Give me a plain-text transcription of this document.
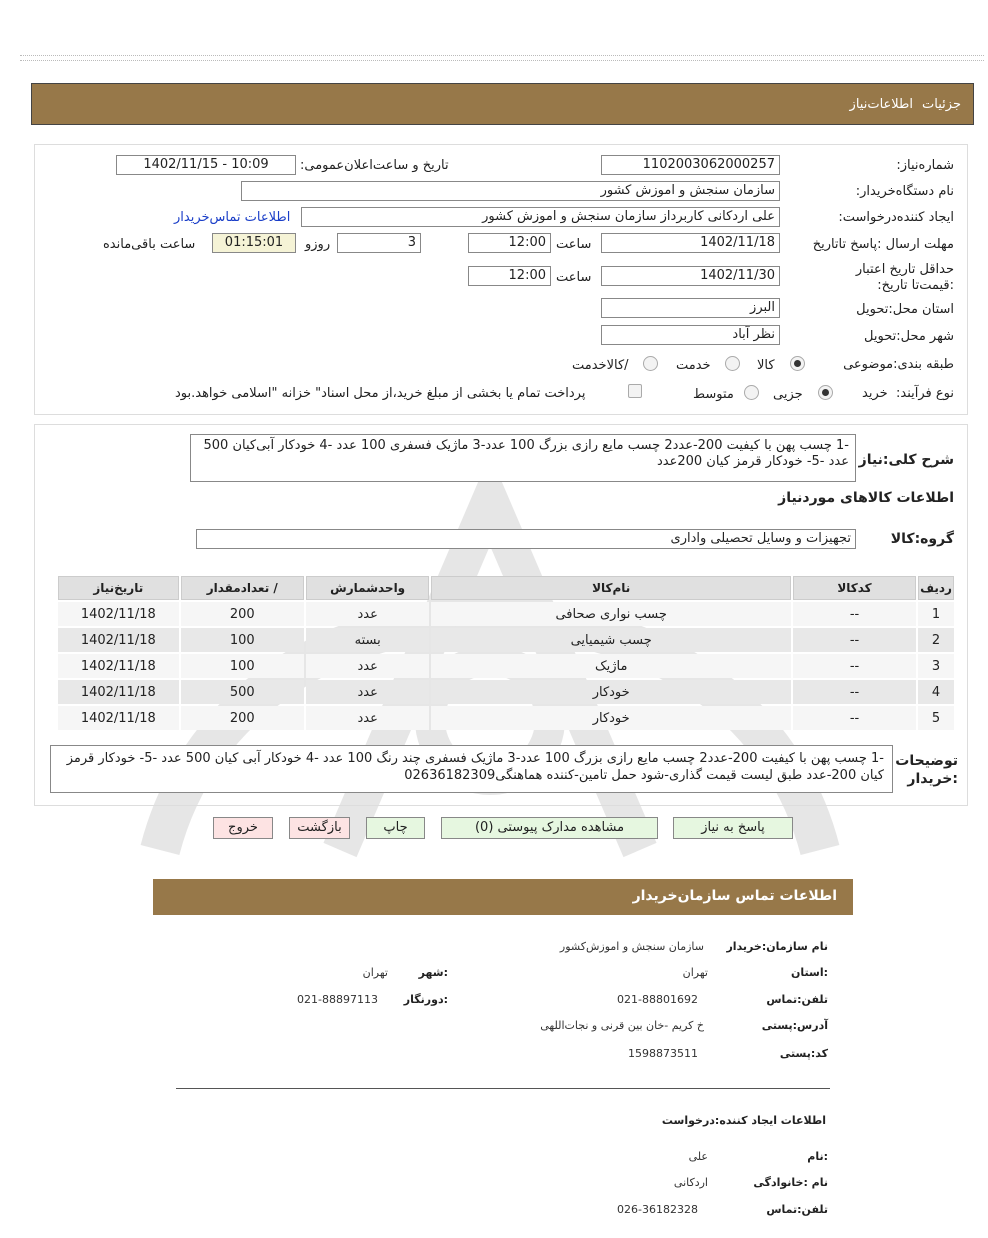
جزئیات
اطلاعات‌نیاز
شماره‌نیاز:
1102003062000257
تاریخ و ساعت‌اعلان‌عمومی:
1402/11/15 - 10:09
نام دستگاه‌خریدار:
سازمان سنجش و اموزش کشور
ایجاد کننده‌درخواست:
علی اردکانی کاربرداز سازمان سنجش و اموزش کشور
اطلاعات تماس‌خریدار
مهلت ارسال :پاسخ تا‌تاریخ
1402/11/18
ساعت
12:00
3
روزو
01:15:01
ساعت باقی‌مانده
حداقل تاریخ اعتبار :قیمت‌تا تاریخ:
1402/11/30
ساعت
12:00
استان محل:تحویل
البرز
شهر محل:تحویل
نظر آباد
طبقه بندی:موضوعی
کالا
خدمت
/کالاخدمت
نوع فرآیند:
خرید
جزیی
متوسط
پرداخت تمام یا بخشی از مبلغ خرید،از محل اسناد" خزانه "اسلامی خواهد.بود
شرح کلی:نیاز
-1 چسب پهن با کیفیت 200-عدد2 چسب مایع رازی بزرگ 100 عدد-3 ماژیک فسفری 100 عدد -4 خودکار آبی‌کیان 500 عدد -5- خودکار قرمز کیان 200عدد
اطلاعات کالاهای موردنیاز
گروه:کالا
تجهیزات و وسایل تحصیلی واداری
ردیف	کدکالا	نام‌کالا	واحدشمارش	/ تعدادمقدار	تاریخ‌نیاز
1	--	چسب نواری صحافی	عدد	200	1402/11/18
2	--	چسب شیمیایی	بسته	100	1402/11/18
3	--	ماژیک	عدد	100	1402/11/18
4	--	خودکار	عدد	500	1402/11/18
5	--	خودکار	عدد	200	1402/11/18
توضیحات :خریدار
-1 چسب پهن با کیفیت 200-عدد2 چسب مایع رازی بزرگ 100 عدد-3 ماژیک فسفری چند رنگ 100 عدد -4 خودکار آبی کیان 500 عدد -5- خودکار قرمز کیان 200-عدد طبق لیست قیمت گذاری-شود حمل تامین-کننده هماهنگی02636182309
پاسخ به نیاز
مشاهده مدارک پیوستی (0)
چاپ
بازگشت
خروج
اطلاعات تماس سازمان‌خریدار
نام سازمان:خریدار
سازمان سنجش و اموزش‌کشور
:استان
تهران
:شهر
تهران
تلفن:تماس
021-88801692
:دورنگار
021-88897113
آدرس:پستی
خ کریم -خان بین قرنی و نجات‌اللهی
کد:پستی
1598873511
اطلاعات ایجاد کننده:درخواست
:نام
علی
نام :خانوادگی
اردکانی
تلفن:تماس
026-36182328
